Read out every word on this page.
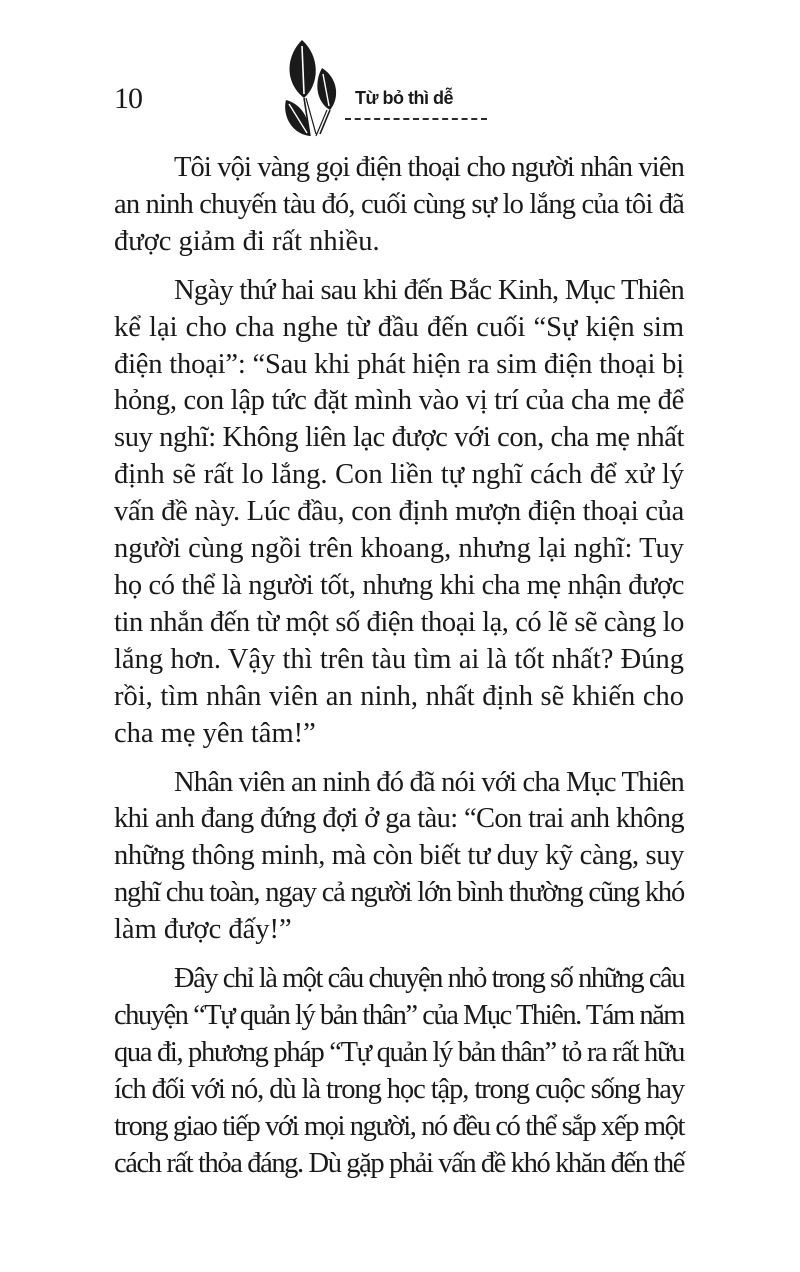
10	Từ bỏ thì dễ

Tôi vội vàng gọi điện thoại cho người nhân viên

an ninh chuyến tàu đó, cuối cùng sự lo lắng của tôi đã

được giảm đi rất nhiều.

Ngày thứ hai sau khi đến Bắc Kinh, Mục Thiên

kể lại cho cha nghe từ đầu đến cuối “Sự kiện sim

điện thoại”: “Sau khi phát hiện ra sim điện thoại bị

hỏng, con lập tức đặt mình vào vị trí của cha mẹ để

suy nghĩ: Không liên lạc được với con, cha mẹ nhất

định sẽ rất lo lắng. Con liền tự nghĩ cách để xử lý

vấn đề này. Lúc đầu, con định mượn điện thoại của

người cùng ngồi trên khoang, nhưng lại nghĩ: Tuy

họ có thể là người tốt, nhưng khi cha mẹ nhận được

tin nhắn đến từ một số điện thoại lạ, có lẽ sẽ càng lo

lắng hơn. Vậy thì trên tàu tìm ai là tốt nhất? Đúng

rồi, tìm nhân viên an ninh, nhất định sẽ khiến cho

cha mẹ yên tâm!”

Nhân viên an ninh đó đã nói với cha Mục Thiên

khi anh đang đứng đợi ở ga tàu: “Con trai anh không

những thông minh, mà còn biết tư duy kỹ càng, suy

nghĩ chu toàn, ngay cả người lớn bình thường cũng khó

làm được đấy!”

Đây chỉ là một câu chuyện nhỏ trong số những câu

chuyện “Tự quản lý bản thân” của Mục Thiên. Tám năm

qua đi, phương pháp “Tự quản lý bản thân” tỏ ra rất hữu

ích đối với nó, dù là trong học tập, trong cuộc sống hay

trong giao tiếp với mọi người, nó đều có thể sắp xếp một

cách rất thỏa đáng. Dù gặp phải vấn đề khó khăn đến thế
